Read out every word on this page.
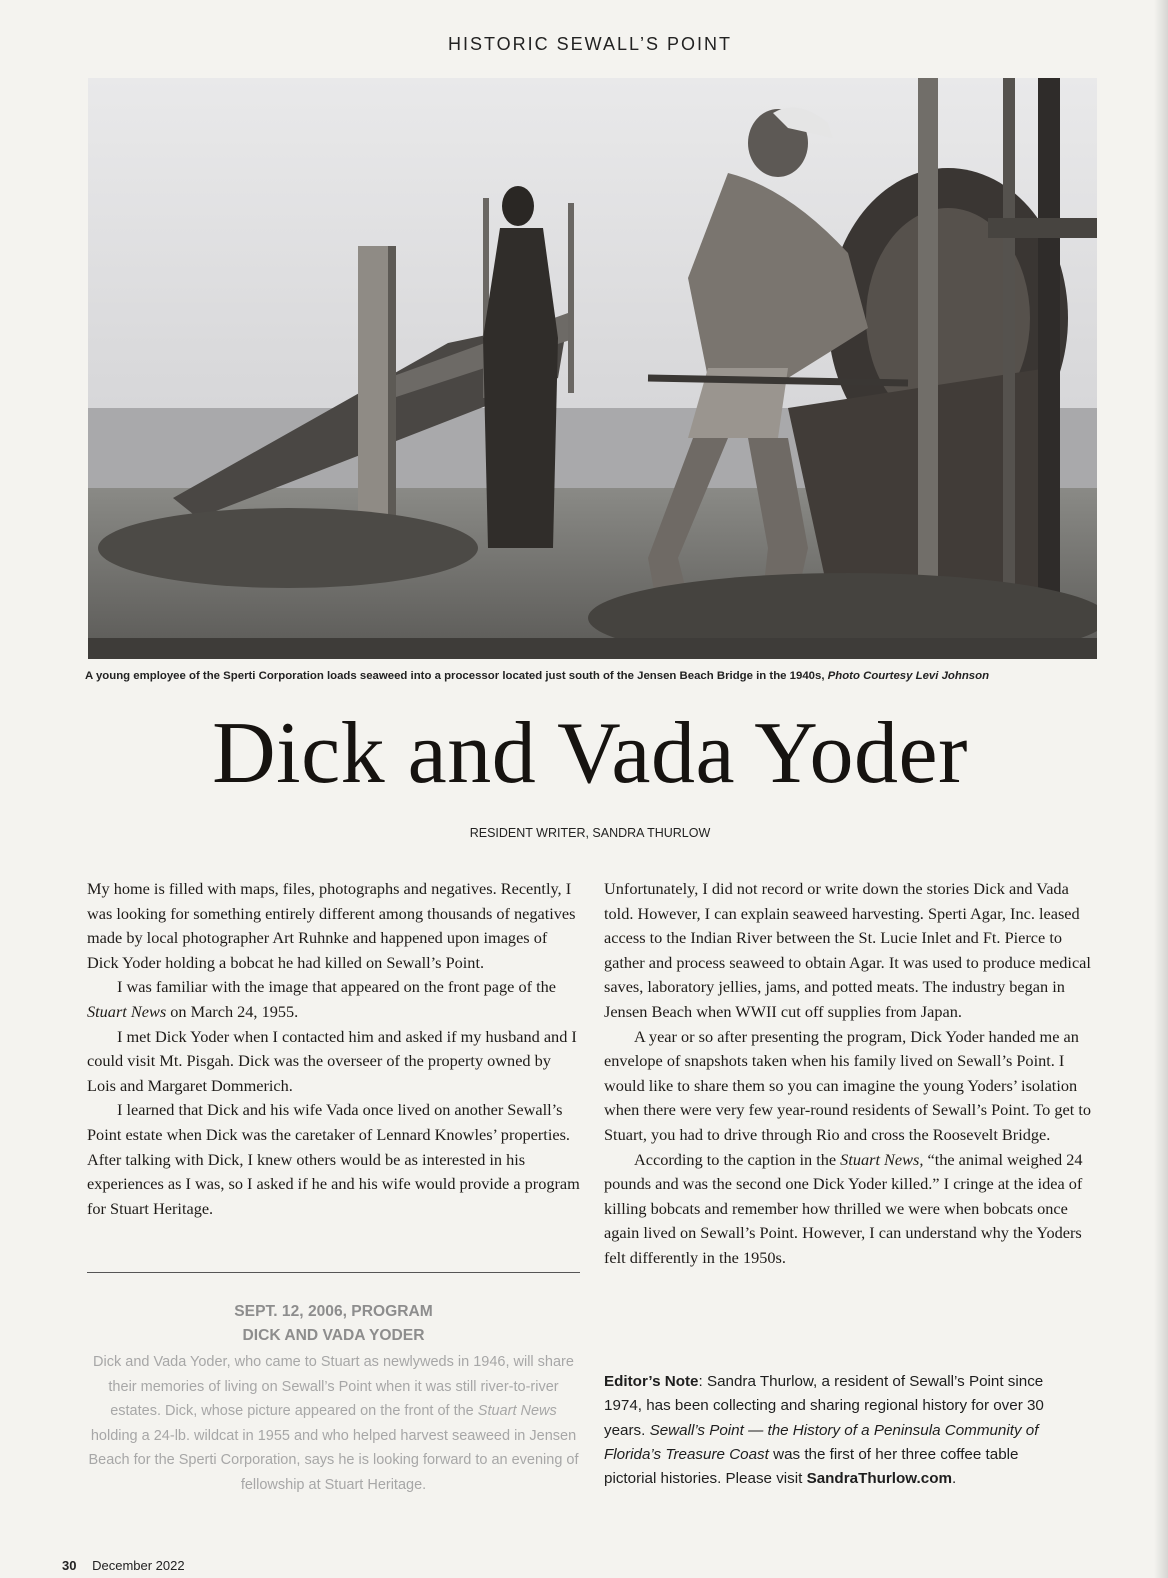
HISTORIC SEWALL’S POINT
A young employee of the Sperti Corporation loads seaweed into a processor located just south of the Jensen Beach Bridge in the 1940s, Photo Courtesy Levi Johnson
Dick and Vada Yoder
RESIDENT WRITER, SANDRA THURLOW

My home is filled with maps, files, photographs and negatives. Recently, I was looking for something entirely different among thousands of negatives made by local photographer Art Ruhnke and happened upon images of Dick Yoder holding a bobcat he had killed on Sewall’s Point.

I was familiar with the image that appeared on the front page of the Stuart News on March 24, 1955.

I met Dick Yoder when I contacted him and asked if my husband and I could visit Mt. Pisgah. Dick was the overseer of the property owned by Lois and Margaret Dommerich.

I learned that Dick and his wife Vada once lived on another Sewall’s Point estate when Dick was the caretaker of Lennard Knowles’ properties. After talking with Dick, I knew others would be as interested in his experiences as I was, so I asked if he and his wife would provide a program for Stuart Heritage.

SEPT. 12, 2006, PROGRAM
DICK AND VADA YODER
Dick and Vada Yoder, who came to Stuart as newlyweds in 1946, will share their memories of living on Sewall’s Point when it was still river-to-river estates. Dick, whose picture appeared on the front of the Stuart News holding a 24-lb. wildcat in 1955 and who helped harvest seaweed in Jensen Beach for the Sperti Corporation, says he is looking forward to an evening of fellowship at Stuart Heritage.

Unfortunately, I did not record or write down the stories Dick and Vada told. However, I can explain seaweed harvesting. Sperti Agar, Inc. leased access to the Indian River between the St. Lucie Inlet and Ft. Pierce to gather and process seaweed to obtain Agar. It was used to produce medical saves, laboratory jellies, jams, and potted meats. The industry began in Jensen Beach when WWII cut off supplies from Japan.

A year or so after presenting the program, Dick Yoder handed me an envelope of snapshots taken when his family lived on Sewall’s Point. I would like to share them so you can imagine the young Yoders’ isolation when there were very few year-round residents of Sewall’s Point. To get to Stuart, you had to drive through Rio and cross the Roosevelt Bridge.

According to the caption in the Stuart News, “the animal weighed 24 pounds and was the second one Dick Yoder killed.” I cringe at the idea of killing bobcats and remember how thrilled we were when bobcats once again lived on Sewall’s Point. However, I can understand why the Yoders felt differently in the 1950s.

Editor’s Note: Sandra Thurlow, a resident of Sewall’s Point since 1974, has been collecting and sharing regional history for over 30 years. Sewall’s Point — the History of a Peninsula Community of Florida’s Treasure Coast was the first of her three coffee table pictorial histories. Please visit SandraThurlow.com.
30 December 2022
